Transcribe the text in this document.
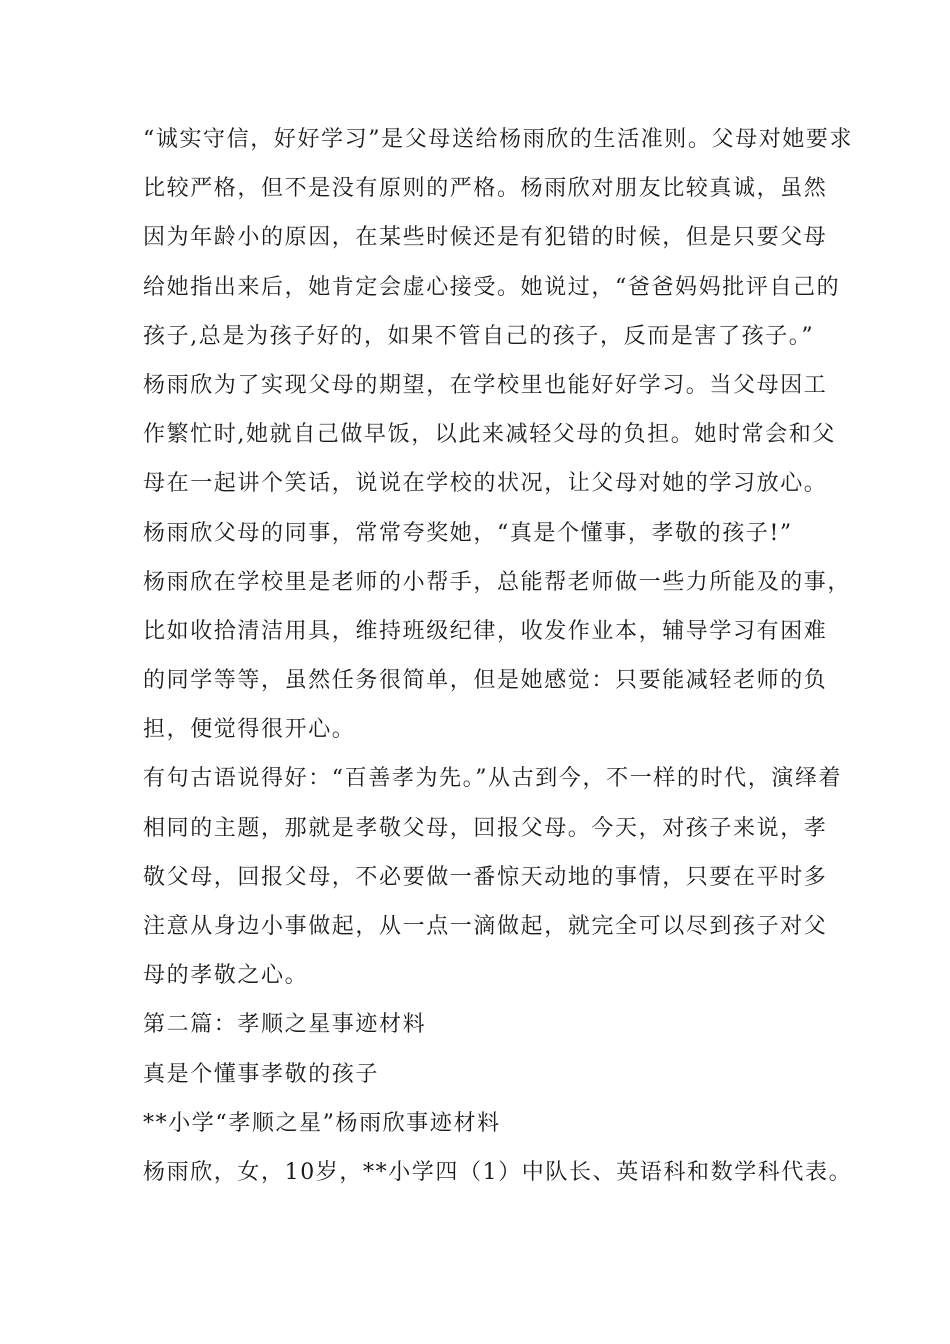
“诚实守信，好好学习”是父母送给杨雨欣的生活准则。父母对她要求
比较严格，但不是没有原则的严格。杨雨欣对朋友比较真诚，虽然
因为年龄小的原因，在某些时候还是有犯错的时候，但是只要父母
给她指出来后，她肯定会虚心接受。她说过，“爸爸妈妈批评自己的
孩子,总是为孩子好的，如果不管自己的孩子，反而是害了孩子。”
杨雨欣为了实现父母的期望，在学校里也能好好学习。当父母因工
作繁忙时,她就自己做早饭，以此来减轻父母的负担。她时常会和父
母在一起讲个笑话，说说在学校的状况，让父母对她的学习放心。
杨雨欣父母的同事，常常夸奖她，“真是个懂事，孝敬的孩子!”
杨雨欣在学校里是老师的小帮手，总能帮老师做一些力所能及的事，
比如收拾清洁用具，维持班级纪律，收发作业本，辅导学习有困难
的同学等等，虽然任务很简单，但是她感觉：只要能减轻老师的负
担，便觉得很开心。
有句古语说得好：“百善孝为先。”从古到今，不一样的时代，演绎着
相同的主题，那就是孝敬父母，回报父母。今天，对孩子来说，孝
敬父母，回报父母，不必要做一番惊天动地的事情，只要在平时多
注意从身边小事做起，从一点一滴做起，就完全可以尽到孩子对父
母的孝敬之心。
第二篇：孝顺之星事迹材料
真是个懂事孝敬的孩子
**小学“孝顺之星”杨雨欣事迹材料
杨雨欣，女，10岁，**小学四（1）中队长、英语科和数学科代表。
